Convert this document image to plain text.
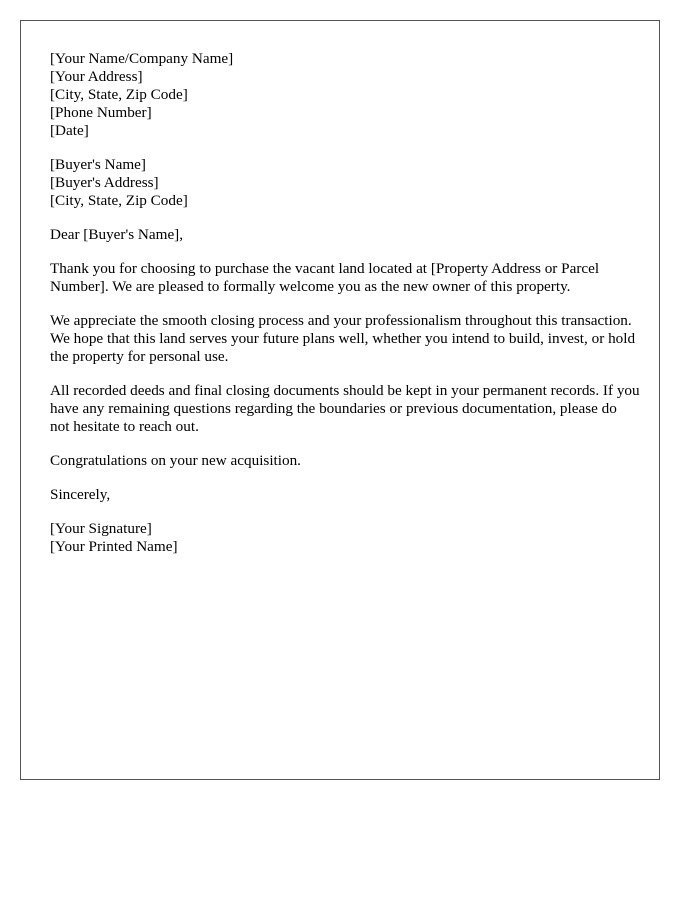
[Your Name/Company Name]
[Your Address]
[City, State, Zip Code]
[Phone Number]
[Date]
[Buyer's Name]
[Buyer's Address]
[City, State, Zip Code]

Dear [Buyer's Name],

Thank you for choosing to purchase the vacant land located at [Property Address or Parcel Number]. We are pleased to formally welcome you as the new owner of this property.

We appreciate the smooth closing process and your professionalism throughout this transaction. We hope that this land serves your future plans well, whether you intend to build, invest, or hold the property for personal use.

All recorded deeds and final closing documents should be kept in your permanent records. If you have any remaining questions regarding the boundaries or previous documentation, please do not hesitate to reach out.

Congratulations on your new acquisition.

Sincerely,

[Your Signature]
[Your Printed Name]
